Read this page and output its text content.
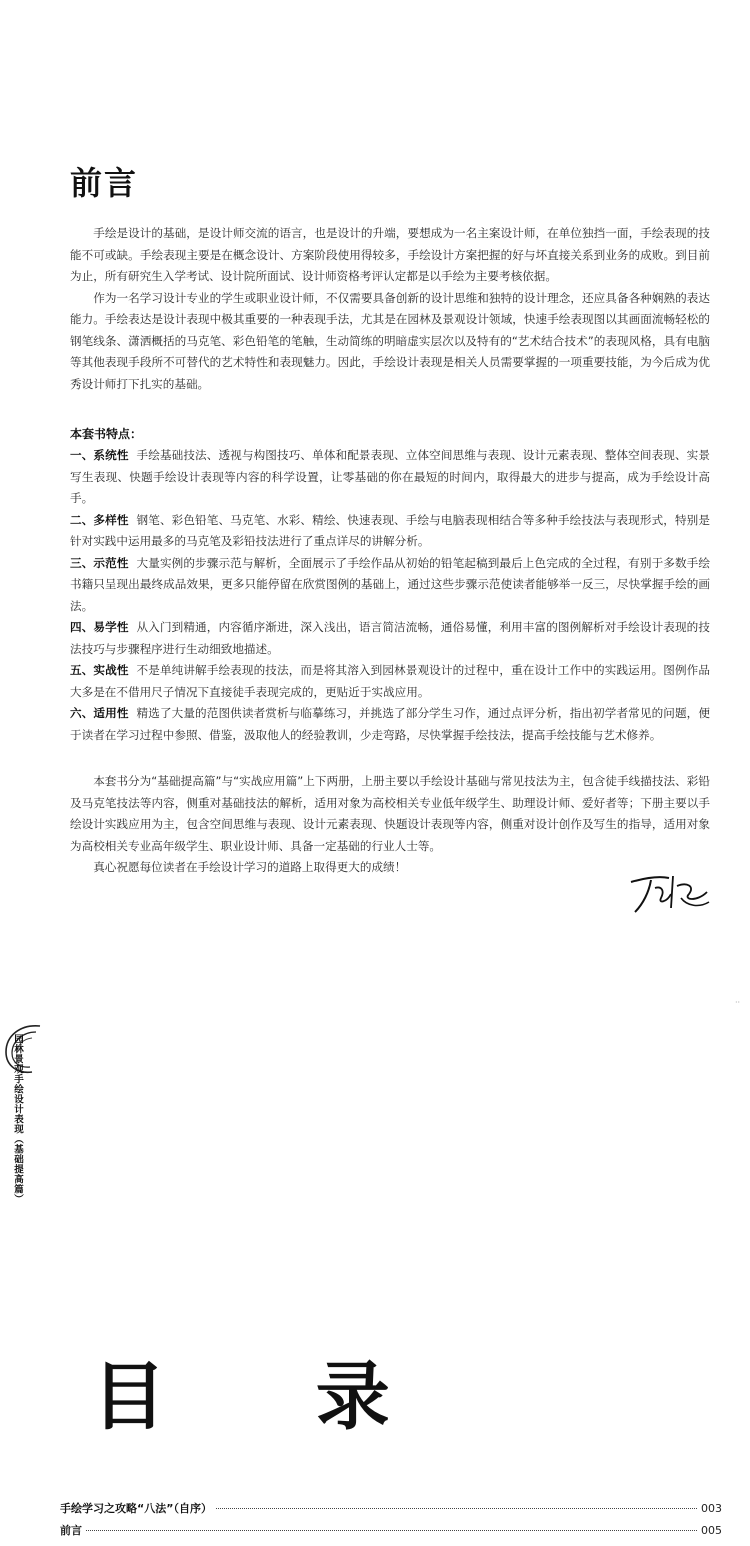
前言

手绘是设计的基础，是设计师交流的语言，也是设计的升端，要想成为一名主案设计师，在单位独挡一面，手绘表现的技能不可或缺。手绘表现主要是在概念设计、方案阶段使用得较多，手绘设计方案把握的好与坏直接关系到业务的成败。到目前为止，所有研究生入学考试、设计院所面试、设计师资格考评认定都是以手绘为主要考核依据。

作为一名学习设计专业的学生或职业设计师，不仅需要具备创新的设计思维和独特的设计理念，还应具备各种娴熟的表达能力。手绘表达是设计表现中极其重要的一种表现手法，尤其是在园林及景观设计领域，快速手绘表现图以其画面流畅轻松的钢笔线条、潇洒概括的马克笔、彩色铅笔的笔触，生动简练的明暗虚实层次以及特有的“艺术结合技术”的表现风格，具有电脑等其他表现手段所不可替代的艺术特性和表现魅力。因此，手绘设计表现是相关人员需要掌握的一项重要技能，为今后成为优秀设计师打下扎实的基础。

本套书特点：

一、系统性 手绘基础技法、透视与构图技巧、单体和配景表现、立体空间思维与表现、设计元素表现、整体空间表现、实景写生表现、快题手绘设计表现等内容的科学设置，让零基础的你在最短的时间内，取得最大的进步与提高，成为手绘设计高手。

二、多样性 钢笔、彩色铅笔、马克笔、水彩、精绘、快速表现、手绘与电脑表现相结合等多种手绘技法与表现形式，特别是针对实践中运用最多的马克笔及彩铅技法进行了重点详尽的讲解分析。

三、示范性 大量实例的步骤示范与解析，全面展示了手绘作品从初始的铅笔起稿到最后上色完成的全过程，有别于多数手绘书籍只呈现出最终成品效果，更多只能停留在欣赏图例的基础上，通过这些步骤示范使读者能够举一反三，尽快掌握手绘的画法。

四、易学性 从入门到精通，内容循序渐进，深入浅出，语言简洁流畅，通俗易懂，利用丰富的图例解析对手绘设计表现的技法技巧与步骤程序进行生动细致地描述。

五、实战性 不是单纯讲解手绘表现的技法，而是将其溶入到园林景观设计的过程中，重在设计工作中的实践运用。图例作品大多是在不借用尺子情况下直接徒手表现完成的，更贴近于实战应用。

六、适用性 精选了大量的范图供读者赏析与临摹练习，并挑选了部分学生习作，通过点评分析，指出初学者常见的问题，便于读者在学习过程中参照、借鉴，汲取他人的经验教训，少走弯路，尽快掌握手绘技法，提高手绘技能与艺术修养。

本套书分为“基础提高篇”与“实战应用篇”上下两册，上册主要以手绘设计基础与常见技法为主，包含徒手线描技法、彩铅及马克笔技法等内容，侧重对基础技法的解析，适用对象为高校相关专业低年级学生、助理设计师、爱好者等；下册主要以手绘设计实践应用为主，包含空间思维与表现、设计元素表现、快题设计表现等内容，侧重对设计创作及写生的指导，适用对象为高校相关专业高年级学生、职业设计师、具备一定基础的行业人士等。

真心祝愿每位读者在手绘设计学习的道路上取得更大的成绩！

园林景观手绘设计表现（基础提高篇）
··
目 录
手绘学习之攻略“八法”（自序）	003
前言	005
